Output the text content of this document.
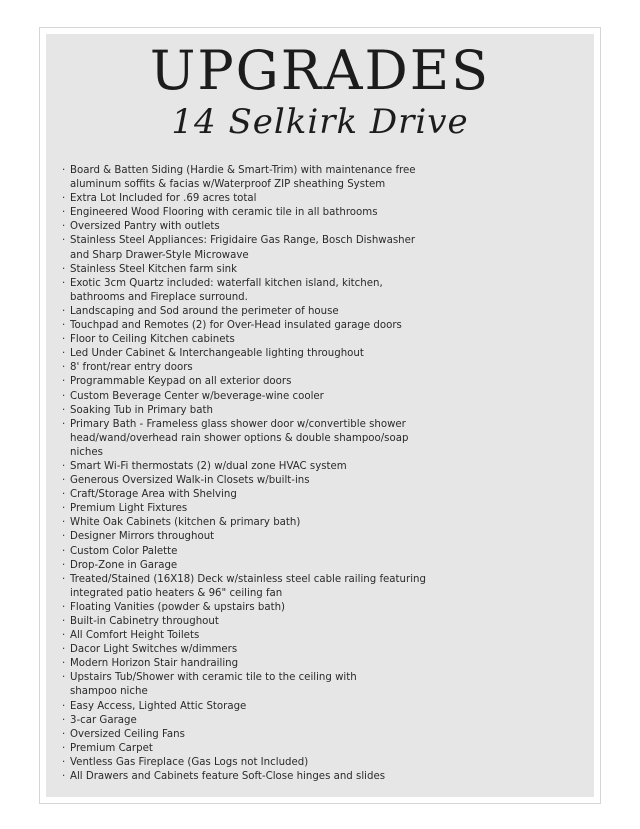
UPGRADES
14 Selkirk Drive
· Board & Batten Siding (Hardie & Smart-Trim) with maintenance free
aluminum soffits & facias w/Waterproof ZIP sheathing System
· Extra Lot Included for .69 acres total
· Engineered Wood Flooring with ceramic tile in all bathrooms
· Oversized Pantry with outlets
· Stainless Steel Appliances: Frigidaire Gas Range, Bosch Dishwasher
and Sharp Drawer-Style Microwave
· Stainless Steel Kitchen farm sink
· Exotic 3cm Quartz included: waterfall kitchen island, kitchen,
bathrooms and Fireplace surround.
· Landscaping and Sod around the perimeter of house
· Touchpad and Remotes (2) for Over-Head insulated garage doors
· Floor to Ceiling Kitchen cabinets
· Led Under Cabinet & Interchangeable lighting throughout
· 8' front/rear entry doors
· Programmable Keypad on all exterior doors
· Custom Beverage Center w/beverage-wine cooler
· Soaking Tub in Primary bath
· Primary Bath - Frameless glass shower door w/convertible shower
head/wand/overhead rain shower options & double shampoo/soap
niches
· Smart Wi-Fi thermostats (2) w/dual zone HVAC system
· Generous Oversized Walk-in Closets w/built-ins
· Craft/Storage Area with Shelving
· Premium Light Fixtures
· White Oak Cabinets (kitchen & primary bath)
· Designer Mirrors throughout
· Custom Color Palette
· Drop-Zone in Garage
· Treated/Stained (16X18) Deck w/stainless steel cable railing featuring
integrated patio heaters & 96" ceiling fan
· Floating Vanities (powder & upstairs bath)
· Built-in Cabinetry throughout
· All Comfort Height Toilets
· Dacor Light Switches w/dimmers
· Modern Horizon Stair handrailing
· Upstairs Tub/Shower with ceramic tile to the ceiling with
shampoo niche
· Easy Access, Lighted Attic Storage
· 3-car Garage
· Oversized Ceiling Fans
· Premium Carpet
· Ventless Gas Fireplace (Gas Logs not Included)
· All Drawers and Cabinets feature Soft-Close hinges and slides
